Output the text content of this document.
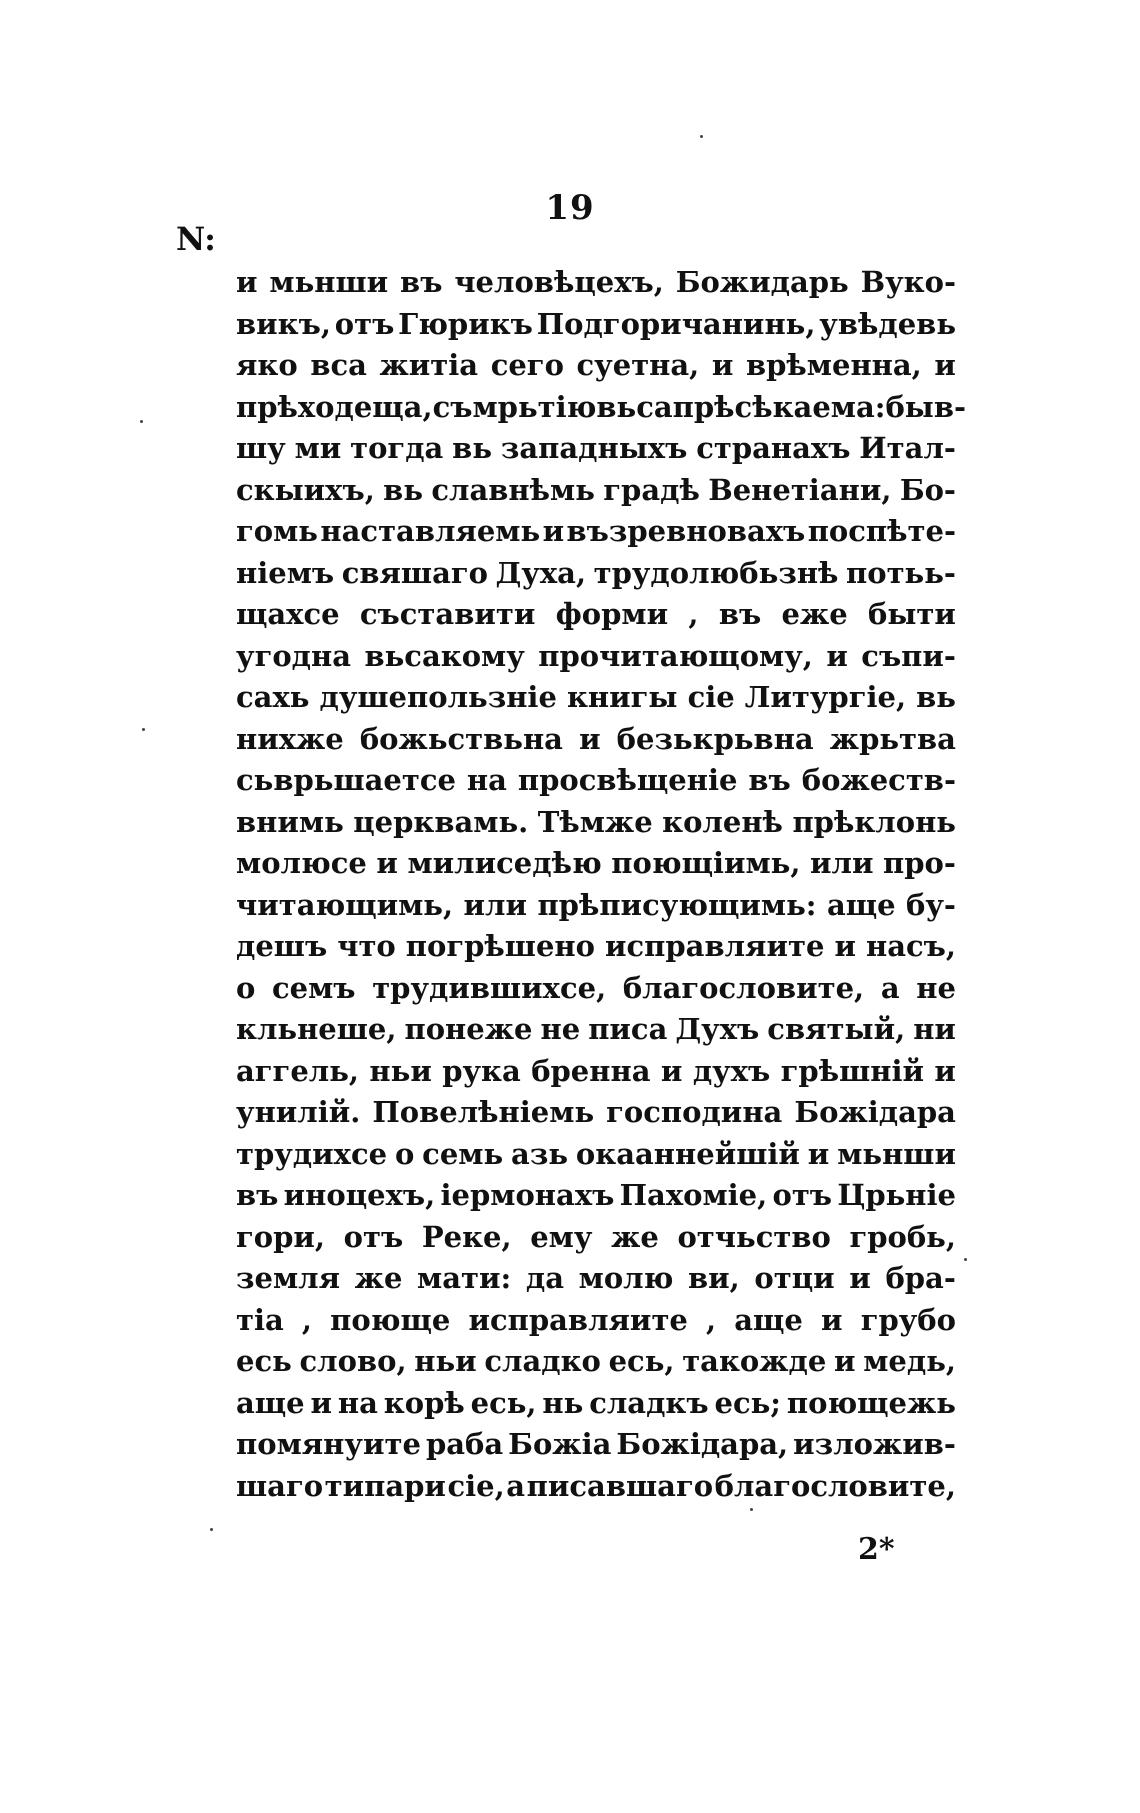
19
N:
и мьнши въ человѣцехъ, Божидарь Вуко-
викъ, отъ Гюрикъ Подгоричанинь, увѣдевь
яко вса житіа сего суетна, и врѣменна, и
прѣходеща, съмрьтію вьса прѣсѣкаема: быв-
шу ми тогда вь западныхъ странахъ Итал-
скыихъ, вь славнѣмь градѣ Венетіани, Бо-
гомь наставляемь и възревновахъ поспѣте-
ніемъ свяшаго Духа, трудолюбьзнѣ потьь-
щахсе съставити форми , въ еже быти
угодна вьсакому прочитающому, и съпи-
сахь душепользніе книгы сіе Литургіе, вь
нихже божьствьна и безькрьвна жрьтва
сьврьшаетсе на просвѣщеніе въ божеств-
внимь церквамь. Тѣмже коленѣ прѣклонь
молюсе и милиседѣю поющіимь, или про-
читающимь, или прѣписующимь: аще бу-
дешъ что погрѣшено исправляите и насъ,
о семъ трудившихсе, благословите, а не
кльнеше, понеже не писа Духъ святый, ни
аггель, ньи рука бренна и духъ грѣшній и
унилій. Повелѣніемь господина Божідара
трудихсе о семь азь окааннейшій и мьнши
въ иноцехъ, іермонахъ Пахоміе, отъ Црьніе
гори, отъ Реке, ему же отчьство гробь,
земля же мати: да молю ви, отци и бра-
тіа , поюще исправляите , аще и грубо
есь слово, ньи сладко есь, такожде и медь,
аще и на корѣ есь, нь сладкъ есь; поющежь
помянуите раба Божіа Божідара, изложив-
шаго типари сіе, а писавшаго благословите,
2*
